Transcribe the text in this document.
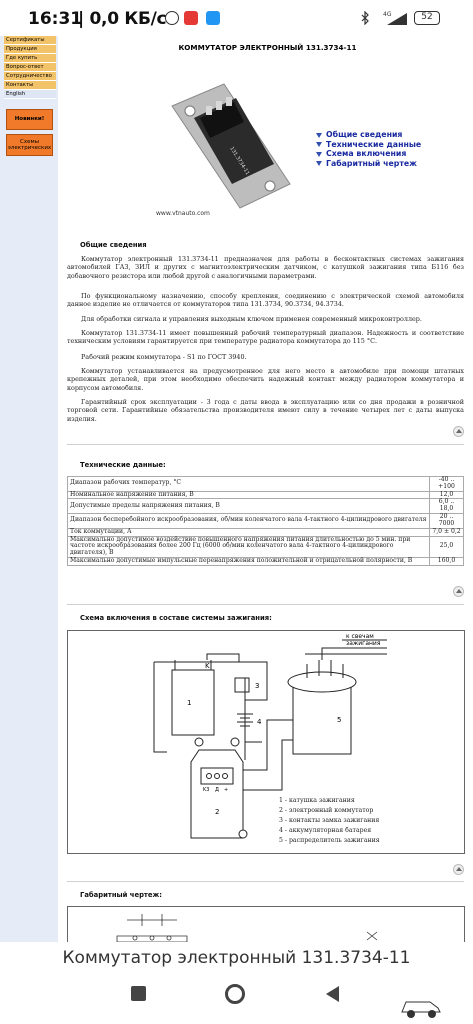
16:31
| 0,0 КБ/с	4G	52
Сертификаты
Продукция
Где купить
Вопрос-ответ
Сотрудничество
Контакты
English
Новинки!
Схемы электрических
КОММУТАТОР ЭЛЕКТРОННЫЙ 131.3734-11
131.3734-11
www.vtnauto.com
Общие сведения
Технические данные
Схема включения
Габаритный чертеж
Общие сведения
Коммутатор электронный 131.3734-11 предназначен для работы в бесконтактных системах зажигания автомобилей ГАЗ, ЗИЛ и других с магнитоэлектрическим датчиком, с катушкой зажигания типа Б116 без добавочного резистора или любой другой с аналогичными параметрами.
По функциональному назначению, способу крепления, соединению с электрической схемой автомобиля данное изделие не отличается от коммутаторов типа 131.3734, 90.3734, 94.3734.
Для обработки сигнала и управления выходным ключом применен современный микроконтроллер.
Коммутатор 131.3734-11 имеет повышенный рабочий температурный диапазон. Надежность и соответствие техническим условиям гарантируется при температуре радиатора коммутатора до 115 °С.
Рабочий режим коммутатора - S1 по ГОСТ 3940.
Коммутатор устанавливается на предусмотренное для него место в автомобиле при помощи штатных крепежных деталей, при этом необходимо обеспечить надежный контакт между радиатором коммутатора и корпусом автомобиля.
Гарантийный срок эксплуатации - 3 года с даты ввода в эксплуатацию или со дня продажи в розничной торговой сети. Гарантийные обязательства производителя имеют силу в течение четырех лет с даты выпуска изделия.
Технические данные:
Диапазон рабочих температур, °С	-40 .. +100
Номинальное напряжение питания, В	12,0
Допустимые пределы напряжения питания, В	6,0 .. 18,0
Диапазон бесперебойного искрообразования, об/мин коленчатого вала 4-тактного 4-цилиндрового двигателя	20 .. 7000
Ток коммутации, А	7,0 ± 0,2
Максимально допустимое воздействие повышенного напряжения питания длительностью до 5 мин. при частоте искрообразования более 200 Гц (6000 об/мин коленчатого вала 4-тактного 4-цилиндрового двигателя), В	25,0
Максимально допустимые импульсные перенапряжения положительной и отрицательной полярности, В	160,0
Схема включения в составе системы зажигания:
K
к свечам
зажигания
1
2
3
4	5
K3 Д +
1 - катушка зажигания
2 - электронный коммутатор
3 - контакты замка зажигания
4 - аккумуляторная батарея
5 - распределитель зажигания
Габаритный чертеж:
Коммутатор электронный 131.3734-11
